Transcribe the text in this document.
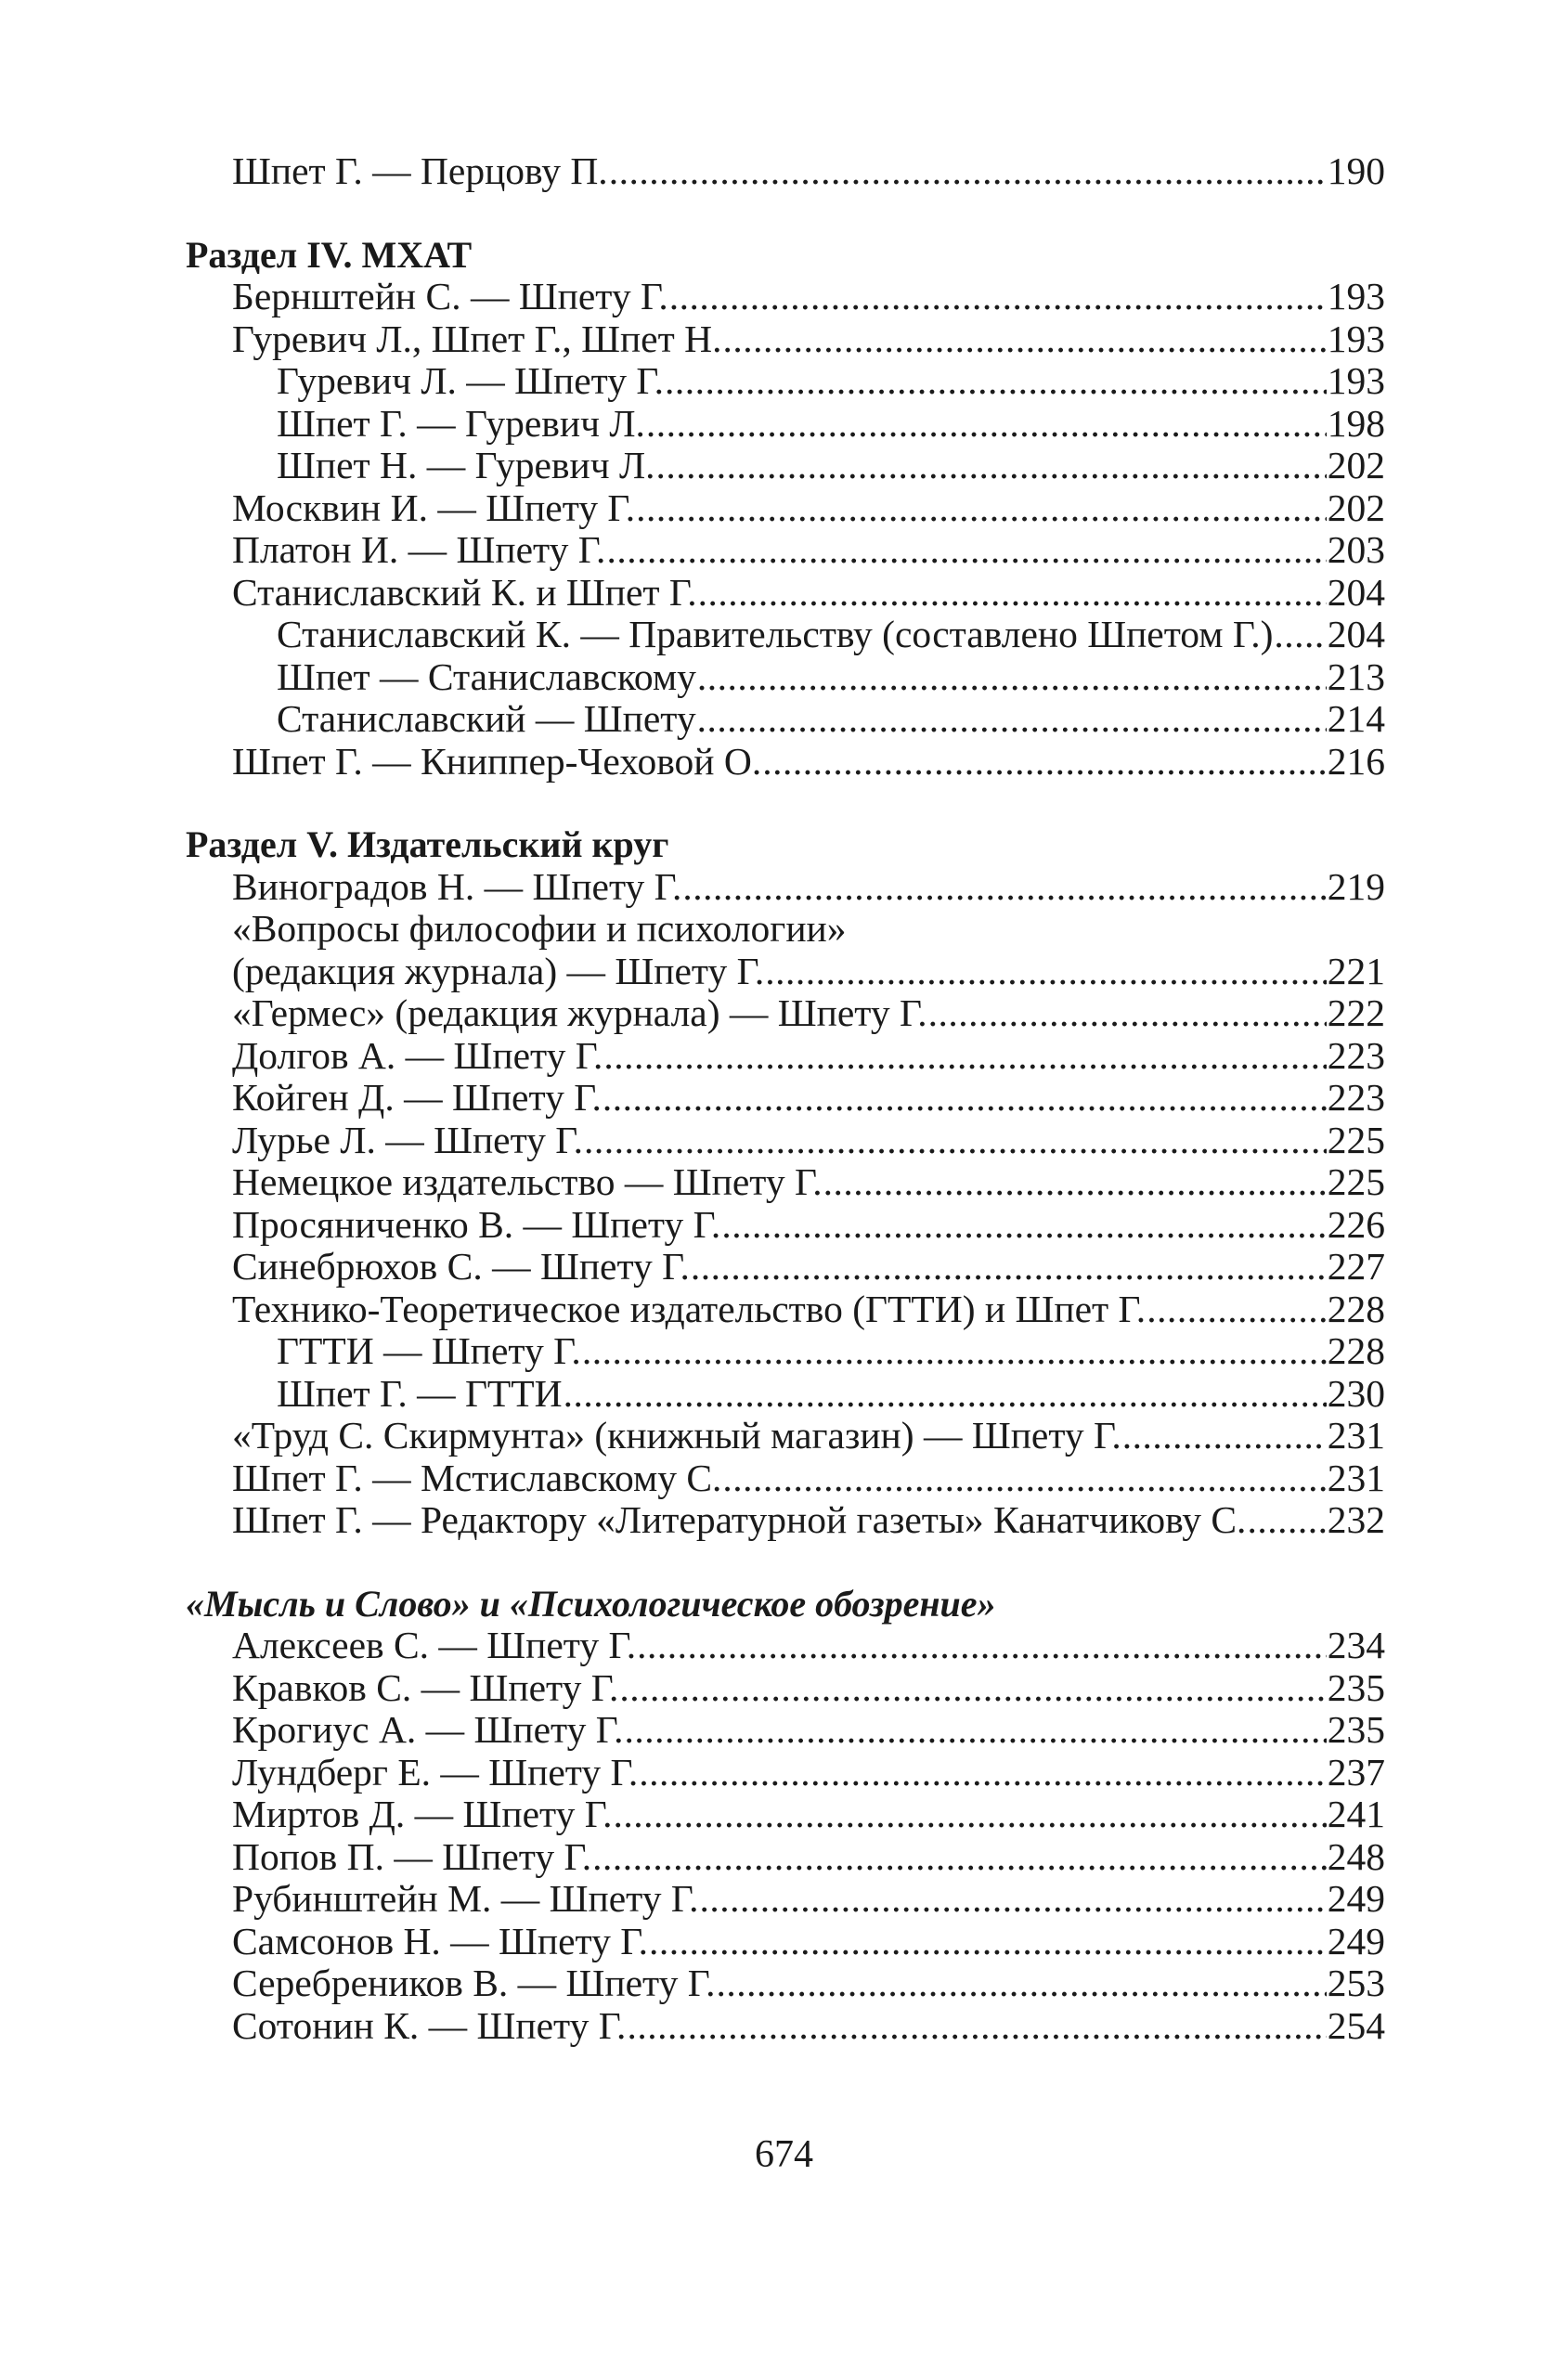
Шпет Г. — Перцову П. .....	190
Раздел IV. МХАТ
Бернштейн С. — Шпету Г. .....	193
Гуревич Л., Шпет Г., Шпет Н. .....	193
Гуревич Л. — Шпету Г. .....	193
Шпет Г. — Гуревич Л. .....	198
Шпет Н. — Гуревич Л. .....	202
Москвин И. — Шпету Г. .....	202
Платон И. — Шпету Г. .....	203
Станиславский К. и Шпет Г. .....	204
Станиславский К. — Правительству (составлено Шпетом Г.) ..... 204
Шпет — Станиславскому .....	213
Станиславский — Шпету .....	214
Шпет Г. — Книппер-Чеховой О. .....	216
Раздел V. Издательский круг
Виноградов Н. — Шпету Г. .....	219
«Вопросы философии и психологии»
(редакция журнала) — Шпету Г. .....	221
«Гермес» (редакция журнала) — Шпету Г. .....	222
Долгов А. — Шпету Г. .....	223
Койген Д. — Шпету Г. .....	223
Лурье Л. — Шпету Г. .....	225
Немецкое издательство — Шпету Г. .....	225
Просяниченко В. — Шпету Г. .....	226
Синебрюхов С. — Шпету Г. .....	227
Технико-Теоретическое издательство (ГТТИ) и Шпет Г. .....	228
ГТТИ — Шпету Г. .....	228
Шпет Г. — ГТТИ .....	230
«Труд С. Скирмунта» (книжный магазин) — Шпету Г. .....	231
Шпет Г. — Мстиславскому С. .....	231
Шпет Г. — Редактору «Литературной газеты» Канатчикову С. ..... 232
«Мысль и Слово» и «Психологическое обозрение»
Алексеев С. — Шпету Г. .....	234
Кравков С. — Шпету Г. .....	235
Крогиус А. — Шпету Г. .....	235
Лундберг Е. — Шпету Г. .....	237
Миртов Д. — Шпету Г. .....	241
Попов П. — Шпету Г. .....	248
Рубинштейн М. — Шпету Г. .....	249
Самсонов Н. — Шпету Г. .....	249
Серебреников В. — Шпету Г. .....	253
Сотонин К. — Шпету Г. .....	254
674
